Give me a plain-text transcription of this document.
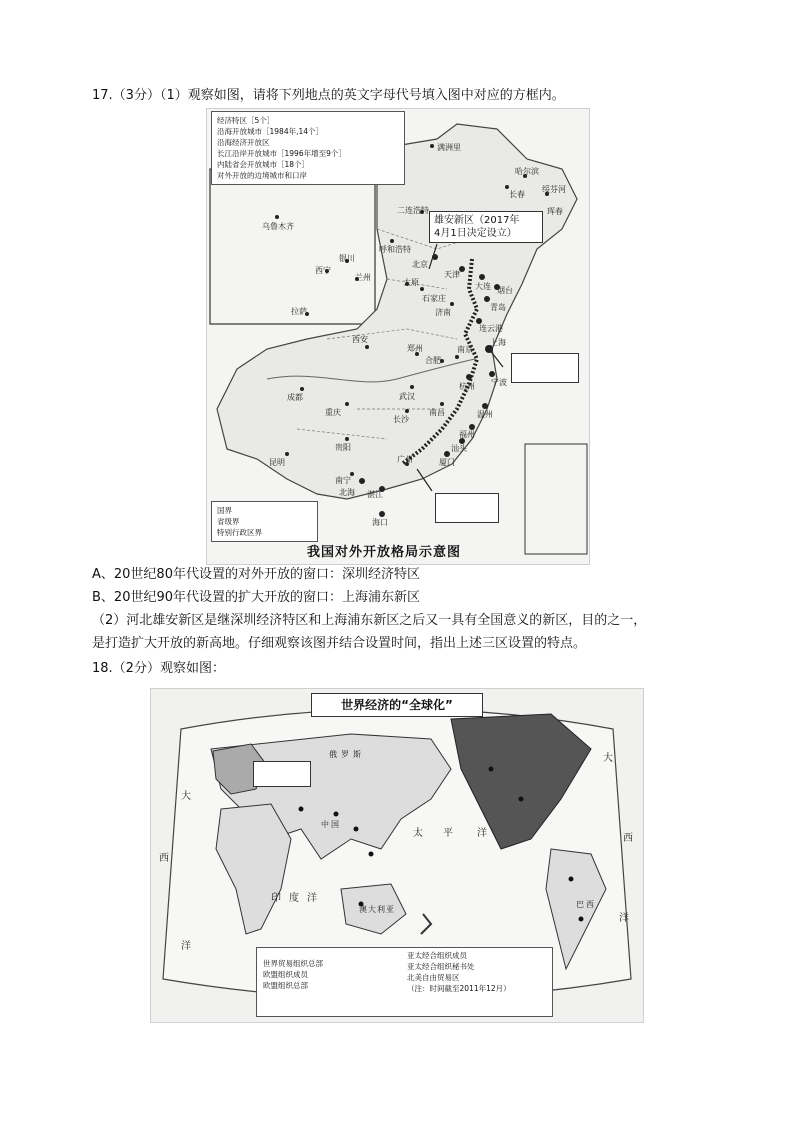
17.（3分）（1）观察如图，请将下列地点的英文字母代号填入图中对应的方框内。
经济特区［5个］
沿海开放城市［1984年,14个］
沿海经济开放区
长江沿岸开放城市［1996年增至9个］
内陆省会开放城市［18个］
对外开放的边境城市和口岸
雄安新区（2017年
4月1日决定设立）
满洲里
哈尔滨
绥芬河
长春
珲春
二连浩特
乌鲁木齐
呼和浩特
北京
天津
大连
银川
西宁
兰州
太原
石家庄
济南
青岛
烟台
拉萨
西安
郑州
连云港
南京
合肥
上海
成都	武汉
杭州 宁波
重庆
长沙
南昌	温州
福州
贵阳
昆明
南宁
广州	厦门
汕头
湛江
北海
海口
国界
省级界
特别行政区界
我国对外开放格局示意图
A、20世纪80年代设置的对外开放的窗口：深圳经济特区
B、20世纪90年代设置的扩大开放的窗口：上海浦东新区
（2）河北雄安新区是继深圳经济特区和上海浦东新区之后又一具有全国意义的新区，目的之一，
是打造扩大开放的新高地。仔细观察该图并结合设置时间，指出上述三区设置的特点。
18.（2分）观察如图：
世界经济的“全球化”
大
西
洋
太 平 洋
印 度 洋
大
西
洋
俄 罗 斯
中 国
巴 西
澳 大 利 亚
世界贸易组织总部
欧盟组织成员
欧盟组织总部
亚太经合组织成员
亚太经合组织秘书处
北美自由贸易区
（注：时间截至2011年12月）
